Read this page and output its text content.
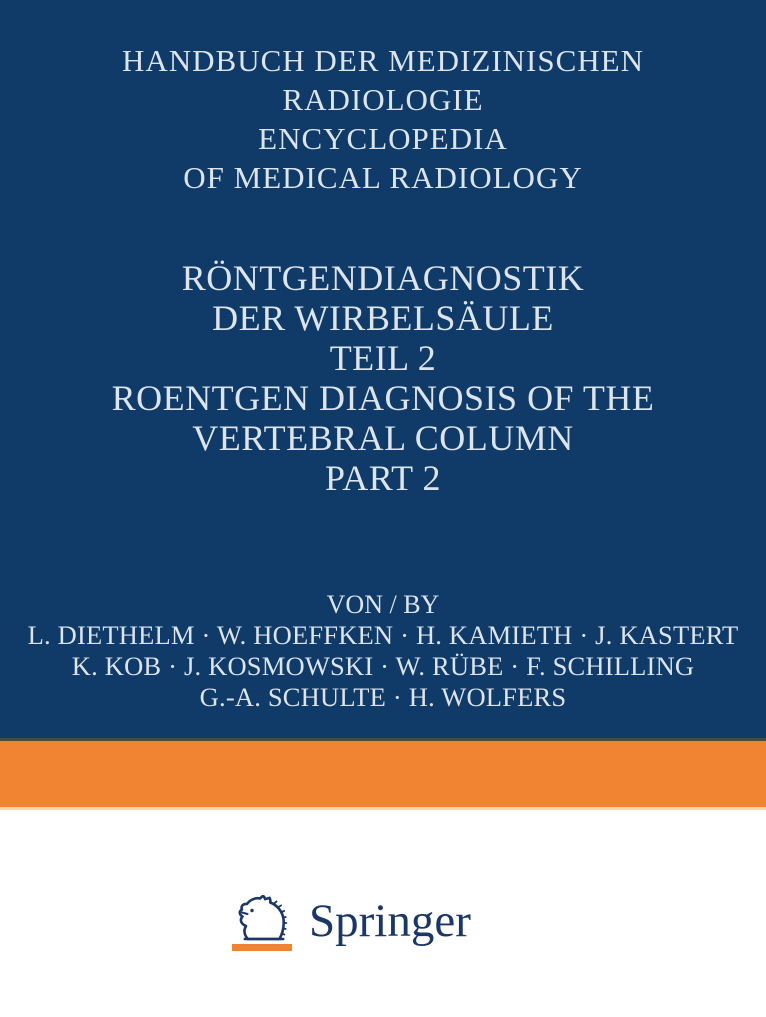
HANDBUCH DER MEDIZINISCHEN
RADIOLOGIE
ENCYCLOPEDIA
OF MEDICAL RADIOLOGY
RÖNTGENDIAGNOSTIK
DER WIRBELSÄULE
TEIL 2
ROENTGEN DIAGNOSIS OF THE
VERTEBRAL COLUMN
PART 2
VON / BY
L. DIETHELM · W. HOEFFKEN · H. KAMIETH · J. KASTERT
K. KOB · J. KOSMOWSKI · W. RÜBE · F. SCHILLING
G.-A. SCHULTE · H. WOLFERS
Springer
